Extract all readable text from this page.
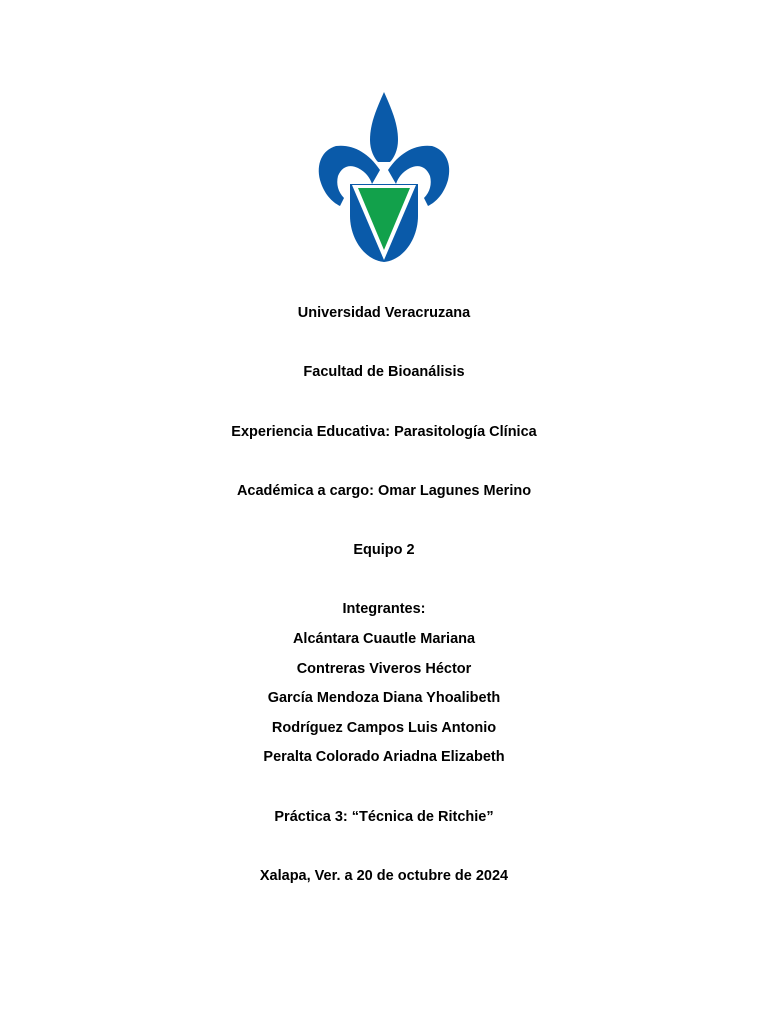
Universidad Veracruzana
Facultad de Bioanálisis
Experiencia Educativa: Parasitología Clínica
Académica a cargo: Omar Lagunes Merino
Equipo 2
Integrantes:
Alcántara Cuautle Mariana
Contreras Viveros Héctor
García Mendoza Diana Yhoalibeth
Rodríguez Campos Luis Antonio
Peralta Colorado Ariadna Elizabeth
Práctica 3: “Técnica de Ritchie”
Xalapa, Ver. a 20 de octubre de 2024
